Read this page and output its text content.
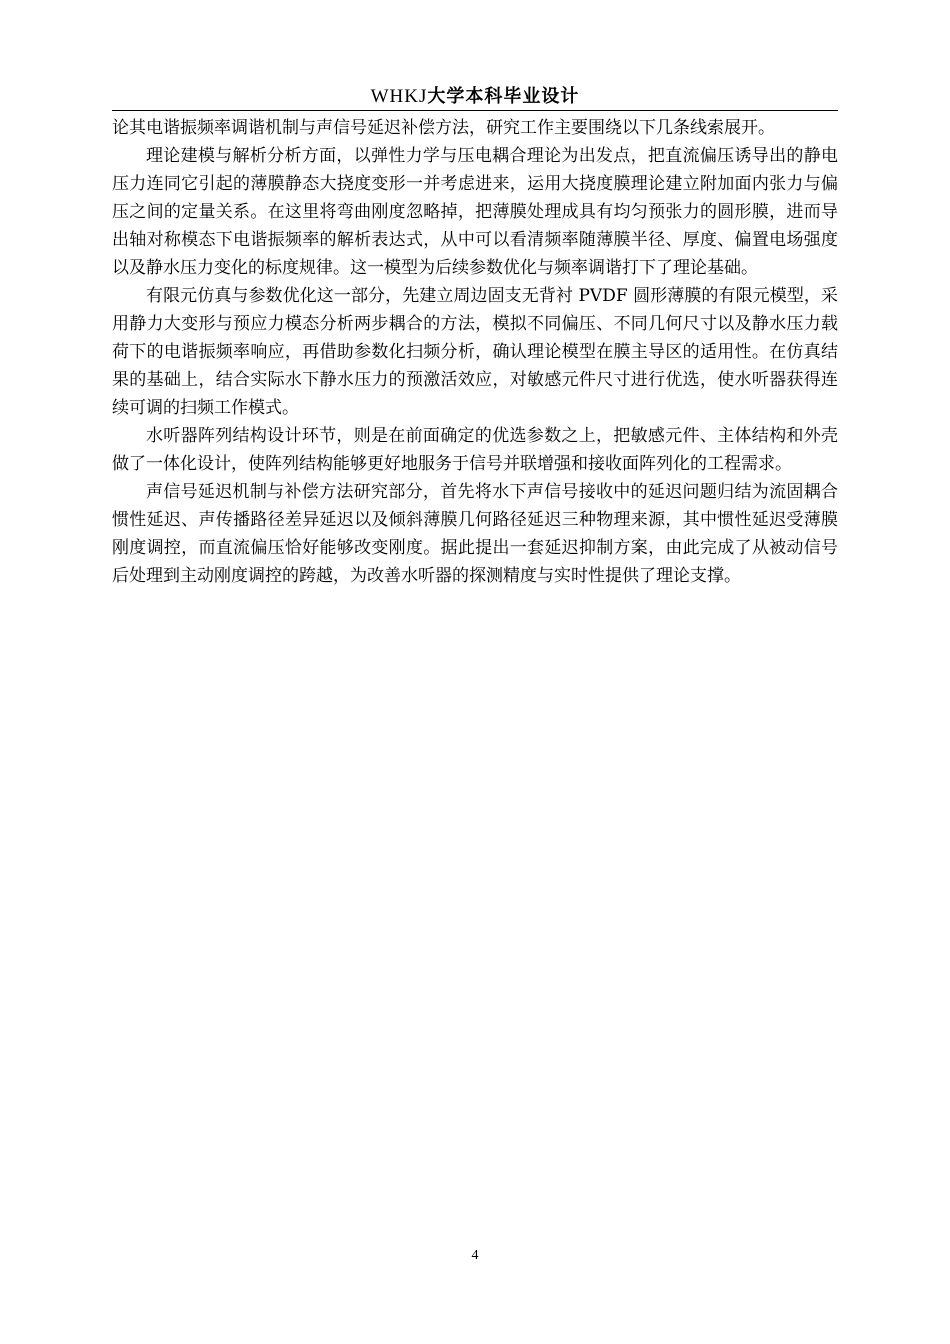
WHKJ大学本科毕业设计

论其电谐振频率调谐机制与声信号延迟补偿方法，研究工作主要围绕以下几条线索展开。

理论建模与解析分析方面，以弹性力学与压电耦合理论为出发点，把直流偏压诱导出的静电压力连同它引起的薄膜静态大挠度变形一并考虑进来，运用大挠度膜理论建立附加面内张力与偏压之间的定量关系。在这里将弯曲刚度忽略掉，把薄膜处理成具有均匀预张力的圆形膜，进而导出轴对称模态下电谐振频率的解析表达式，从中可以看清频率随薄膜半径、厚度、偏置电场强度以及静水压力变化的标度规律。这一模型为后续参数优化与频率调谐打下了理论基础。

有限元仿真与参数优化这一部分，先建立周边固支无背衬 PVDF 圆形薄膜的有限元模型，采用静力大变形与预应力模态分析两步耦合的方法，模拟不同偏压、不同几何尺寸以及静水压力载荷下的电谐振频率响应，再借助参数化扫频分析，确认理论模型在膜主导区的适用性。在仿真结果的基础上，结合实际水下静水压力的预激活效应，对敏感元件尺寸进行优选，使水听器获得连续可调的扫频工作模式。

水听器阵列结构设计环节，则是在前面确定的优选参数之上，把敏感元件、主体结构和外壳做了一体化设计，使阵列结构能够更好地服务于信号并联增强和接收面阵列化的工程需求。

声信号延迟机制与补偿方法研究部分，首先将水下声信号接收中的延迟问题归结为流固耦合惯性延迟、声传播路径差异延迟以及倾斜薄膜几何路径延迟三种物理来源，其中惯性延迟受薄膜刚度调控，而直流偏压恰好能够改变刚度。据此提出一套延迟抑制方案，由此完成了从被动信号后处理到主动刚度调控的跨越，为改善水听器的探测精度与实时性提供了理论支撑。

4
